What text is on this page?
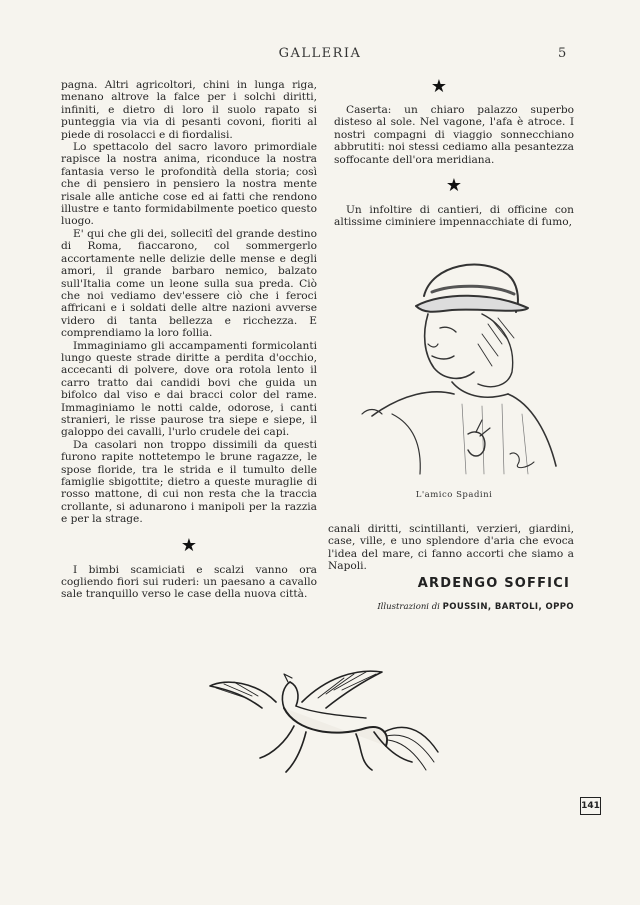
GALLERIA	5

pagna. Altri agricoltori, chini in lunga riga, menano altrove la falce per i solchi diritti, infiniti, e dietro di loro il suolo rapato si punteggia via via di pesanti covoni, fioriti al piede di rosolacci e di fiordalisi.

Lo spettacolo del sacro lavoro primordiale rapisce la nostra anima, riconduce la nostra fantasia verso le profondità della storia; così che di pensiero in pensiero la nostra mente risale alle antiche cose ed ai fatti che rendono illustre e tanto formidabilmente poetico questo luogo.

E' qui che gli dei, sollecitî del grande destino di Roma, fiaccarono, col sommergerlo accortamente nelle delizie delle mense e degli amori, il grande barbaro nemico, balzato sull'Italia come un leone sulla sua preda. Ciò che noi vediamo dev'essere ciò che i feroci affricani e i soldati delle altre nazioni avverse videro di tanta bellezza e ricchezza. E comprendiamo la loro follia.

Immaginiamo gli accampamenti formicolanti lungo queste strade diritte a perdita d'occhio, accecanti di polvere, dove ora rotola lento il carro tratto dai candidi bovi che guida un bifolco dal viso e dai bracci color del rame. Immaginiamo le notti calde, odorose, i canti stranieri, le risse paurose tra siepe e siepe, il galoppo dei cavalli, l'urlo crudele dei capi.

Da casolari non troppo dissimili da questi furono rapite nottetempo le brune ragazze, le spose floride, tra le strida e il tumulto delle famiglie sbigottite; dietro a queste muraglie di rosso mattone, di cui non resta che la traccia crollante, si adunarono i manipoli per la razzia e per la strage.

★

I bimbi scamiciati e scalzi vanno ora cogliendo fiori sui ruderi: un paesano a cavallo sale tranquillo verso le case della nuova città.

★

Caserta: un chiaro palazzo superbo disteso al sole. Nel vagone, l'afa è atroce. I nostri compagni di viaggio sonnecchiano abbrutiti: noi stessi cediamo alla pesantezza soffocante dell'ora meridiana.

★

Un infoltire di cantieri, di officine con altissime ciminiere impennacchiate di fumo,

L'amico Spadini

canali diritti, scintillanti, verzieri, giardini, case, ville, e uno splendore d'aria che evoca l'idea del mare, ci fanno accorti che siamo a Napoli.

ARDENGO SOFFICI
Illustrazioni di POUSSIN, BARTOLI, OPPO
141
